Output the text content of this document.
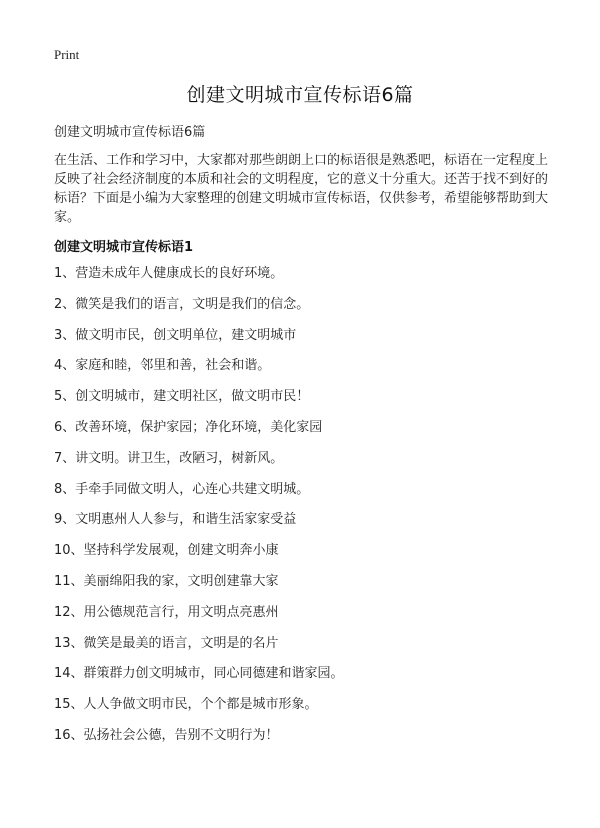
Print
创建文明城市宣传标语6篇
创建文明城市宣传标语6篇

在生活、工作和学习中，大家都对那些朗朗上口的标语很是熟悉吧，标语在一定程度上反映了社会经济制度的本质和社会的文明程度，它的意义十分重大。还苦于找不到好的标语？下面是小编为大家整理的创建文明城市宣传标语，仅供参考，希望能够帮助到大家。

创建文明城市宣传标语1
1、营造未成年人健康成长的良好环境。
2、微笑是我们的语言，文明是我们的信念。
3、做文明市民，创文明单位，建文明城市
4、家庭和睦，邻里和善，社会和谐。
5、创文明城市，建文明社区，做文明市民！
6、改善环境，保护家园；净化环境，美化家园
7、讲文明。讲卫生，改陋习，树新风。
8、手牵手同做文明人，心连心共建文明城。
9、文明惠州人人参与，和谐生活家家受益
10、坚持科学发展观，创建文明奔小康
11、美丽绵阳我的家，文明创建靠大家
12、用公德规范言行，用文明点亮惠州
13、微笑是最美的语言，文明是的名片
14、群策群力创文明城市，同心同德建和谐家园。
15、人人争做文明市民，个个都是城市形象。
16、弘扬社会公德，告别不文明行为！
